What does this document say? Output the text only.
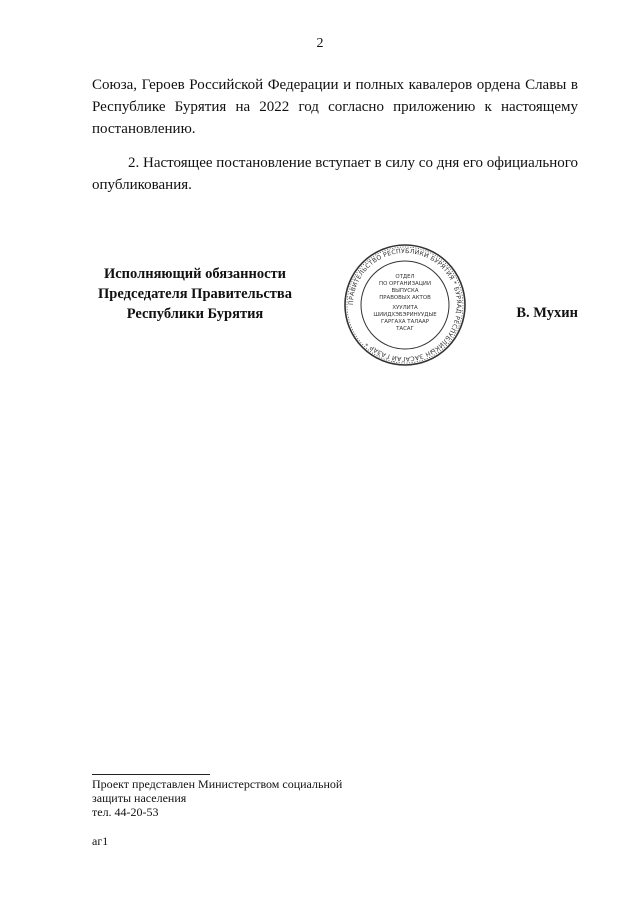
2

Союза, Героев Российской Федерации и полных кавалеров ордена Славы в Республике Бурятия на 2022 год согласно приложению к настоящему постановлению.

2. Настоящее постановление вступает в силу со дня его официального опубликования.

Исполняющий обязанности
Председателя Правительства
Республики Бурятия
ПРАВИТЕЛЬСТВО РЕСПУБЛИКИ БУРЯТИЯ * БУРЯАД РЕСПУБЛИКЫН ЗАСАГАЙ ГАЗАР *
ОТДЕЛ
ПО ОРГАНИЗАЦИИ
ВЫПУСКА
ПРАВОВЫХ АКТОВ
ХУУЛИТА
ШИИДХЭБЭРИНУУДЫЕ
ГАРГАХА ТАЛААР
ТАСАГ
В. Мухин
Проект представлен Министерством социальной
защиты населения
тел. 44-20-53
аг1
